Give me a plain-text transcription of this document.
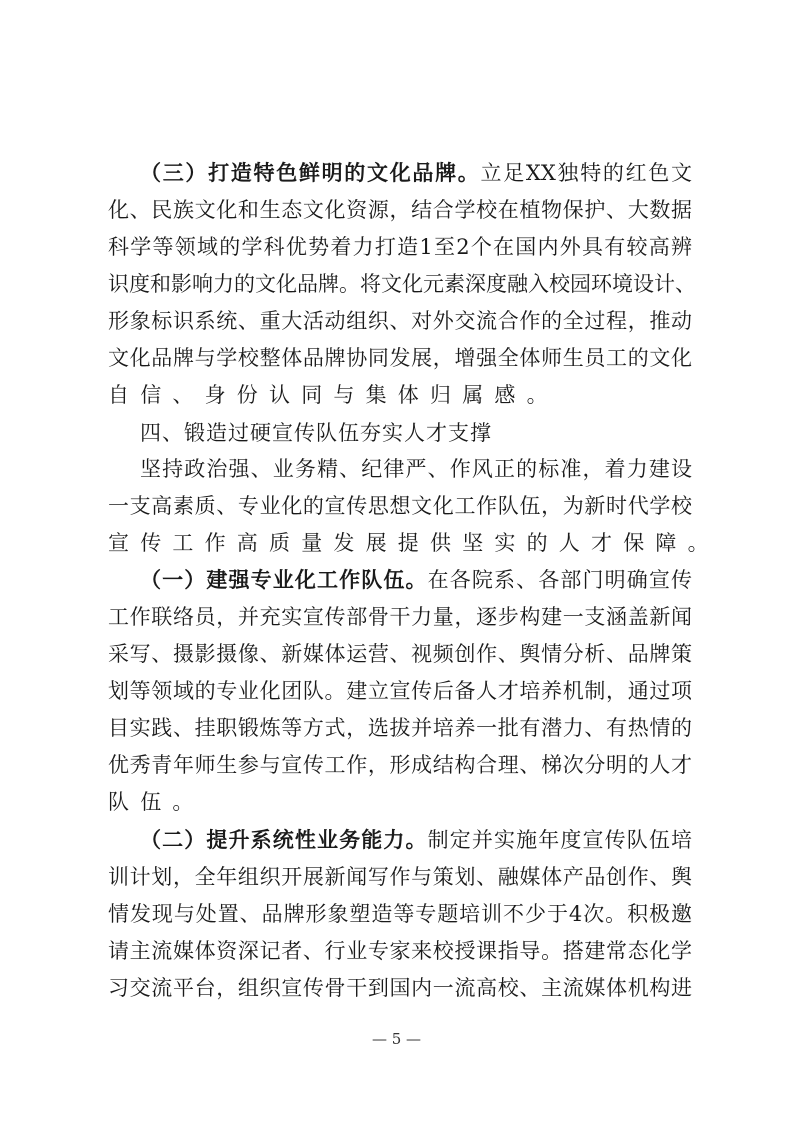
（三）打造特色鲜明的文化品牌。立足XX独特的红色文
化、民族文化和生态文化资源，结合学校在植物保护、大数据
科学等领域的学科优势着力打造1至2个在国内外具有较高辨
识度和影响力的文化品牌。将文化元素深度融入校园环境设计、
形象标识系统、重大活动组织、对外交流合作的全过程，推动
文化品牌与学校整体品牌协同发展，增强全体师生员工的文化
自信、身份认同与集体归属感。
四、锻造过硬宣传队伍夯实人才支撑
坚持政治强、业务精、纪律严、作风正的标准，着力建设
一支高素质、专业化的宣传思想文化工作队伍，为新时代学校
宣传工作高质量发展提供坚实的人才保障。
（一）建强专业化工作队伍。在各院系、各部门明确宣传
工作联络员，并充实宣传部骨干力量，逐步构建一支涵盖新闻
采写、摄影摄像、新媒体运营、视频创作、舆情分析、品牌策
划等领域的专业化团队。建立宣传后备人才培养机制，通过项
目实践、挂职锻炼等方式，选拔并培养一批有潜力、有热情的
优秀青年师生参与宣传工作，形成结构合理、梯次分明的人才
队伍。
（二）提升系统性业务能力。制定并实施年度宣传队伍培
训计划，全年组织开展新闻写作与策划、融媒体产品创作、舆
情发现与处置、品牌形象塑造等专题培训不少于4次。积极邀
请主流媒体资深记者、行业专家来校授课指导。搭建常态化学
习交流平台，组织宣传骨干到国内一流高校、主流媒体机构进
— 5 —
